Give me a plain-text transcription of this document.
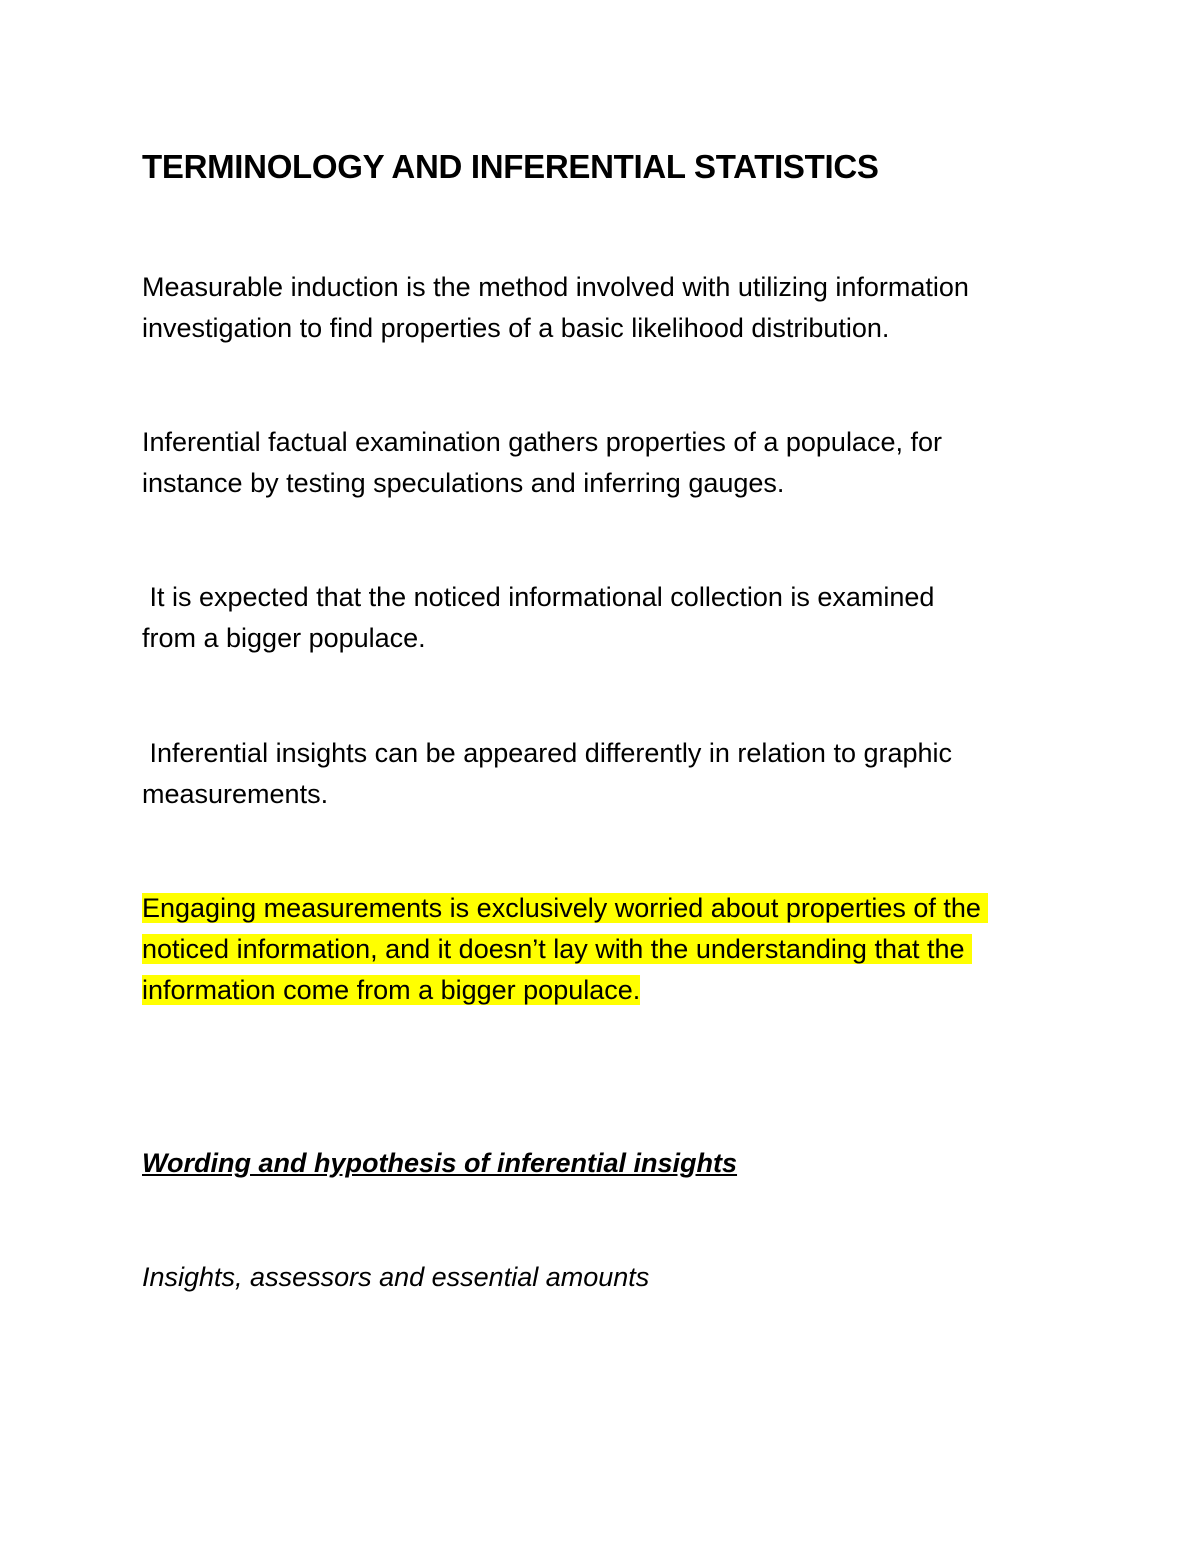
TERMINOLOGY AND INFERENTIAL STATISTICS

Measurable induction is the method involved with utilizing information
investigation to find properties of a basic likelihood distribution.

Inferential factual examination gathers properties of a populace, for
instance by testing speculations and inferring gauges.

It is expected that the noticed informational collection is examined
from a bigger populace.

Inferential insights can be appeared differently in relation to graphic
measurements.

Engaging measurements is exclusively worried about properties of the
noticed information, and it doesn’t lay with the understanding that the
information come from a bigger populace.

Wording and hypothesis of inferential insights

Insights, assessors and essential amounts
